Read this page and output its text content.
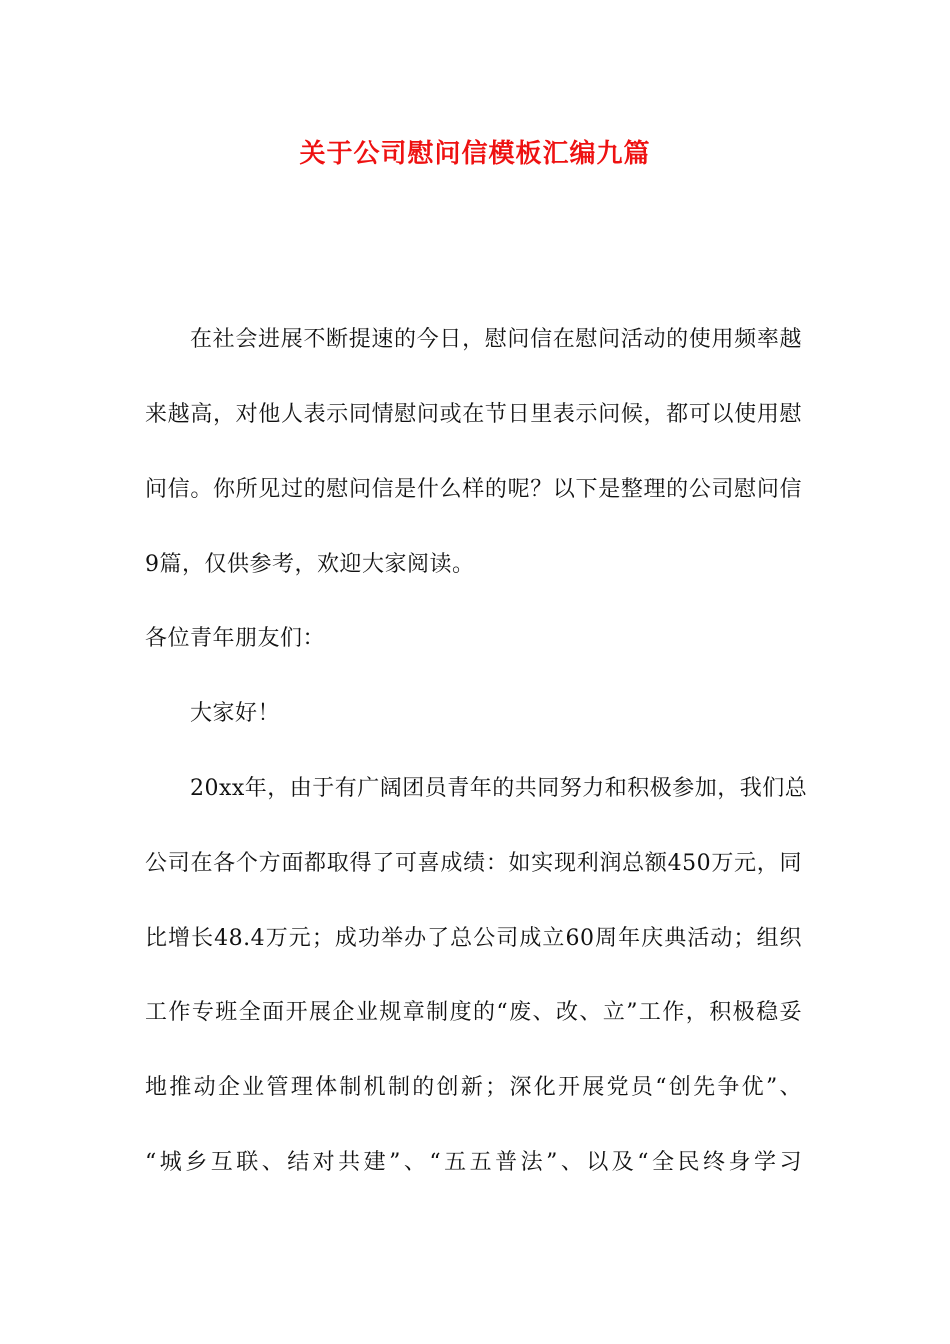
关于公司慰问信模板汇编九篇
在社会进展不断提速的今日，慰问信在慰问活动的使用频率越
来越高，对他人表示同情慰问或在节日里表示问候，都可以使用慰
问信。你所见过的慰问信是什么样的呢？以下是整理的公司慰问信
9篇，仅供参考，欢迎大家阅读。
各位青年朋友们：
大家好！
20xx年，由于有广阔团员青年的共同努力和积极参加，我们总
公司在各个方面都取得了可喜成绩：如实现利润总额450万元，同
比增长48.4万元；成功举办了总公司成立60周年庆典活动；组织
工作专班全面开展企业规章制度的“废、改、立”工作，积极稳妥
地推动企业管理体制机制的创新；深化开展党员“创先争优”、
“城乡互联、结对共建”、“五五普法”、以及“全民终身学习
